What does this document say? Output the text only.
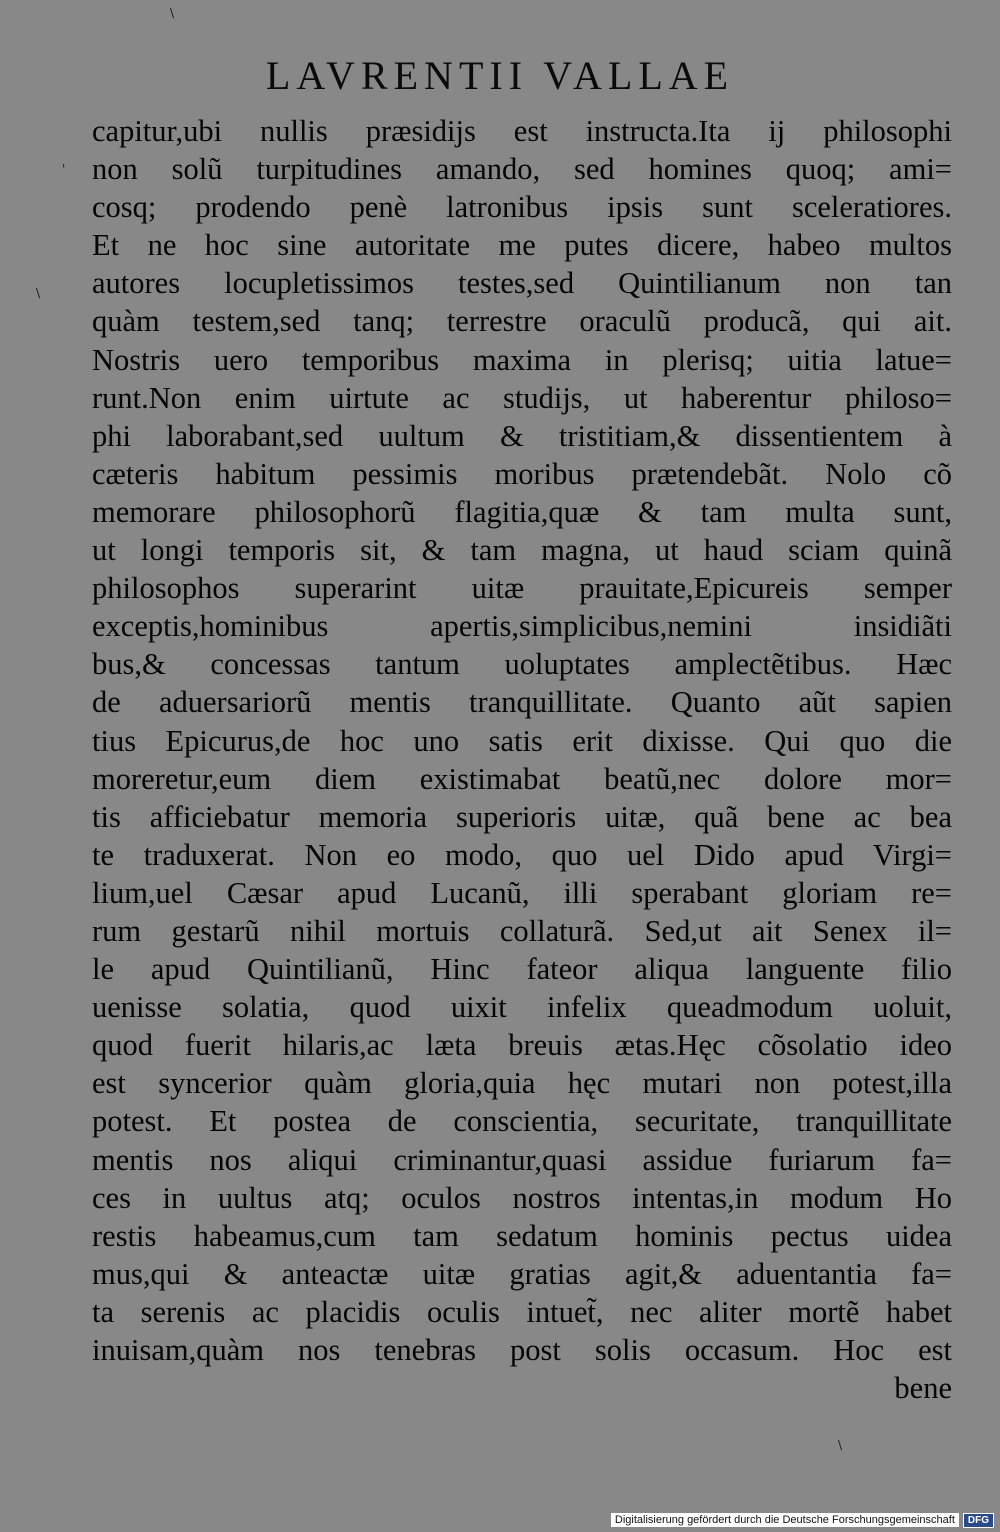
LAVRENTII VALLAE
\
'
\
\
capitur,ubi nullis præsidijs est instructa.Ita ij philosophi
non solũ turpitudines amando, sed homines quoq; ami=
cosq; prodendo penè latronibus ipsis sunt sceleratiores.
Et ne hoc sine autoritate me putes dicere, habeo multos
autores locupletissimos testes,sed Quintilianum non tan
quàm testem,sed tanq; terrestre oraculũ producã, qui ait.
Nostris uero temporibus maxima in plerisq; uitia latue=
runt.Non enim uirtute ac studijs, ut haberentur philoso=
phi laborabant,sed uultum & tristitiam,& dissentientem à
cæteris habitum pessimis moribus prætendebãt. Nolo cõ
memorare philosophorũ flagitia,quæ & tam multa sunt,
ut longi temporis sit, & tam magna, ut haud sciam quinã
philosophos superarint uitæ prauitate,Epicureis semper
exceptis,hominibus apertis,simplicibus,nemini insidiãti
bus,& concessas tantum uoluptates amplectẽtibus. Hæc
de aduersariorũ mentis tranquillitate. Quanto aũt sapien
tius Epicurus,de hoc uno satis erit dixisse. Qui quo die
moreretur,eum diem existimabat beatũ,nec dolore mor=
tis afficiebatur memoria superioris uitæ, quã bene ac bea
te traduxerat. Non eo modo, quo uel Dido apud Virgi=
lium,uel Cæsar apud Lucanũ, illi sperabant gloriam re=
rum gestarũ nihil mortuis collaturã. Sed,ut ait Senex il=
le apud Quintilianũ, Hinc fateor aliqua languente filio
uenisse solatia, quod uixit infelix queadmodum uoluit,
quod fuerit hilaris,ac læta breuis ætas.Hęc cõsolatio ideo
est syncerior quàm gloria,quia hęc mutari non potest,illa
potest. Et postea de conscientia, securitate, tranquillitate
mentis nos aliqui criminantur,quasi assidue furiarum fa=
ces in uultus atq; oculos nostros intentas,in modum Ho
restis habeamus,cum tam sedatum hominis pectus uidea
mus,qui & anteactæ uitæ gratias agit,& aduentantia fa=
ta serenis ac placidis oculis intuet̃, nec aliter mortẽ habet
inuisam,quàm nos tenebras post solis occasum. Hoc est
bene
Digitalisierung gefördert durch die Deutsche Forschungsgemeinschaft	DFG
